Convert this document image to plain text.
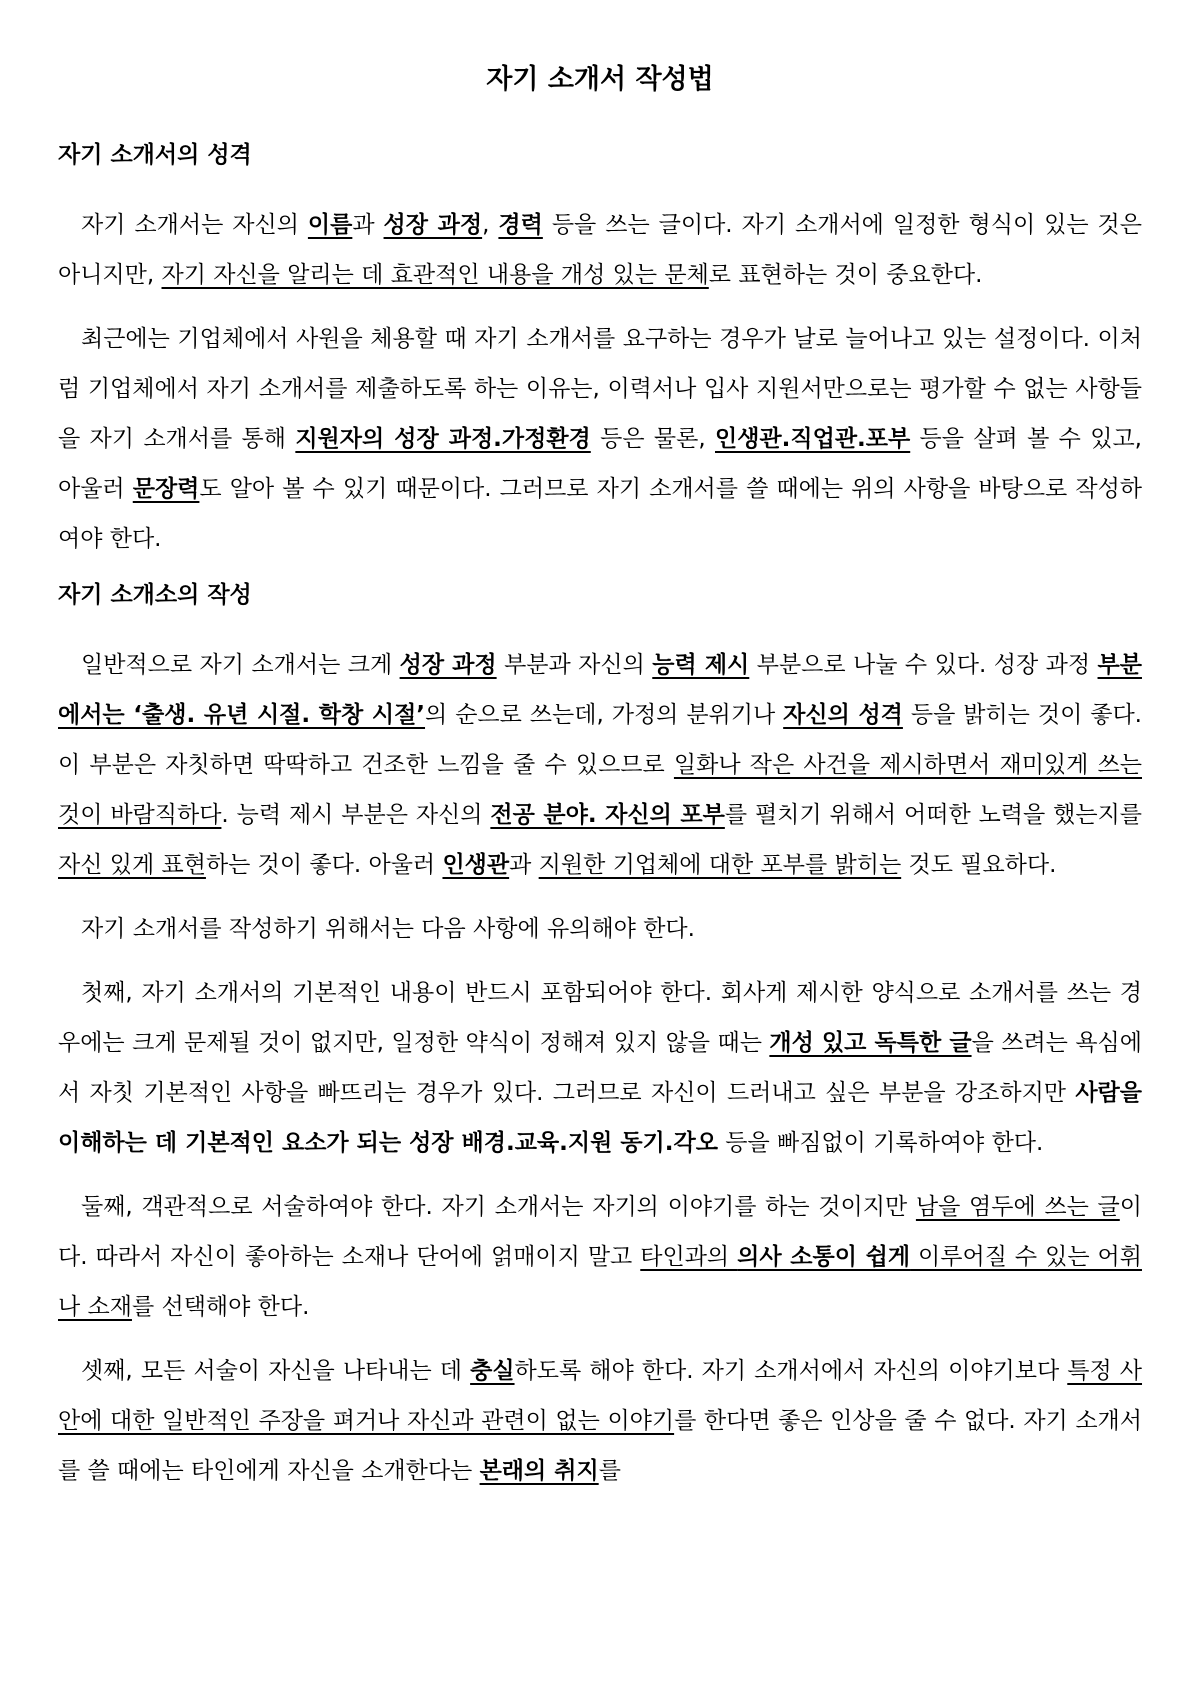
자기 소개서 작성법
자기 소개서의 성격

자기 소개서는 자신의 이름과 성장 과정, 경력 등을 쓰는 글이다. 자기 소개서에 일정한 형식이 있는 것은 아니지만, 자기 자신을 알리는 데 효관적인 내용을 개성 있는 문체로 표현하는 것이 중요한다.

최근에는 기업체에서 사원을 체용할 때 자기 소개서를 요구하는 경우가 날로 늘어나고 있는 설정이다. 이처럼 기업체에서 자기 소개서를 제출하도록 하는 이유는, 이력서나 입사 지원서만으로는 평가할 수 없는 사항들을 자기 소개서를 통해 지원자의 성장 과정.가정환경 등은 물론, 인생관.직업관.포부 등을 살펴 볼 수 있고, 아울러 문장력도 알아 볼 수 있기 때문이다. 그러므로 자기 소개서를 쓸 때에는 위의 사항을 바탕으로 작성하여야 한다.

자기 소개소의 작성

일반적으로 자기 소개서는 크게 성장 과정 부분과 자신의 능력 제시 부분으로 나눌 수 있다. 성장 과정 부분에서는 ‘출생. 유년 시절. 학창 시절’의 순으로 쓰는데, 가정의 분위기나 자신의 성격 등을 밝히는 것이 좋다. 이 부분은 자칫하면 딱딱하고 건조한 느낌을 줄 수 있으므로 일화나 작은 사건을 제시하면서 재미있게 쓰는 것이 바람직하다. 능력 제시 부분은 자신의 전공 분야. 자신의 포부를 펼치기 위해서 어떠한 노력을 했는지를 자신 있게 표현하는 것이 좋다. 아울러 인생관과 지원한 기업체에 대한 포부를 밝히는 것도 필요하다.

자기 소개서를 작성하기 위해서는 다음 사항에 유의해야 한다.

첫째, 자기 소개서의 기본적인 내용이 반드시 포함되어야 한다. 회사게 제시한 양식으로 소개서를 쓰는 경우에는 크게 문제될 것이 없지만, 일정한 약식이 정해져 있지 않을 때는 개성 있고 독특한 글을 쓰려는 욕심에서 자칫 기본적인 사항을 빠뜨리는 경우가 있다. 그러므로 자신이 드러내고 싶은 부분을 강조하지만 사람을 이해하는 데 기본적인 요소가 되는 성장 배경.교육.지원 동기.각오 등을 빠짐없이 기록하여야 한다.

둘째, 객관적으로 서술하여야 한다. 자기 소개서는 자기의 이야기를 하는 것이지만 남을 염두에 쓰는 글이다. 따라서 자신이 좋아하는 소재나 단어에 얽매이지 말고 타인과의 의사 소통이 쉽게 이루어질 수 있는 어휘나 소재를 선택해야 한다.

셋째, 모든 서술이 자신을 나타내는 데 충실하도록 해야 한다. 자기 소개서에서 자신의 이야기보다 특정 사안에 대한 일반적인 주장을 펴거나 자신과 관련이 없는 이야기를 한다면 좋은 인상을 줄 수 없다. 자기 소개서를 쓸 때에는 타인에게 자신을 소개한다는 본래의 취지를
